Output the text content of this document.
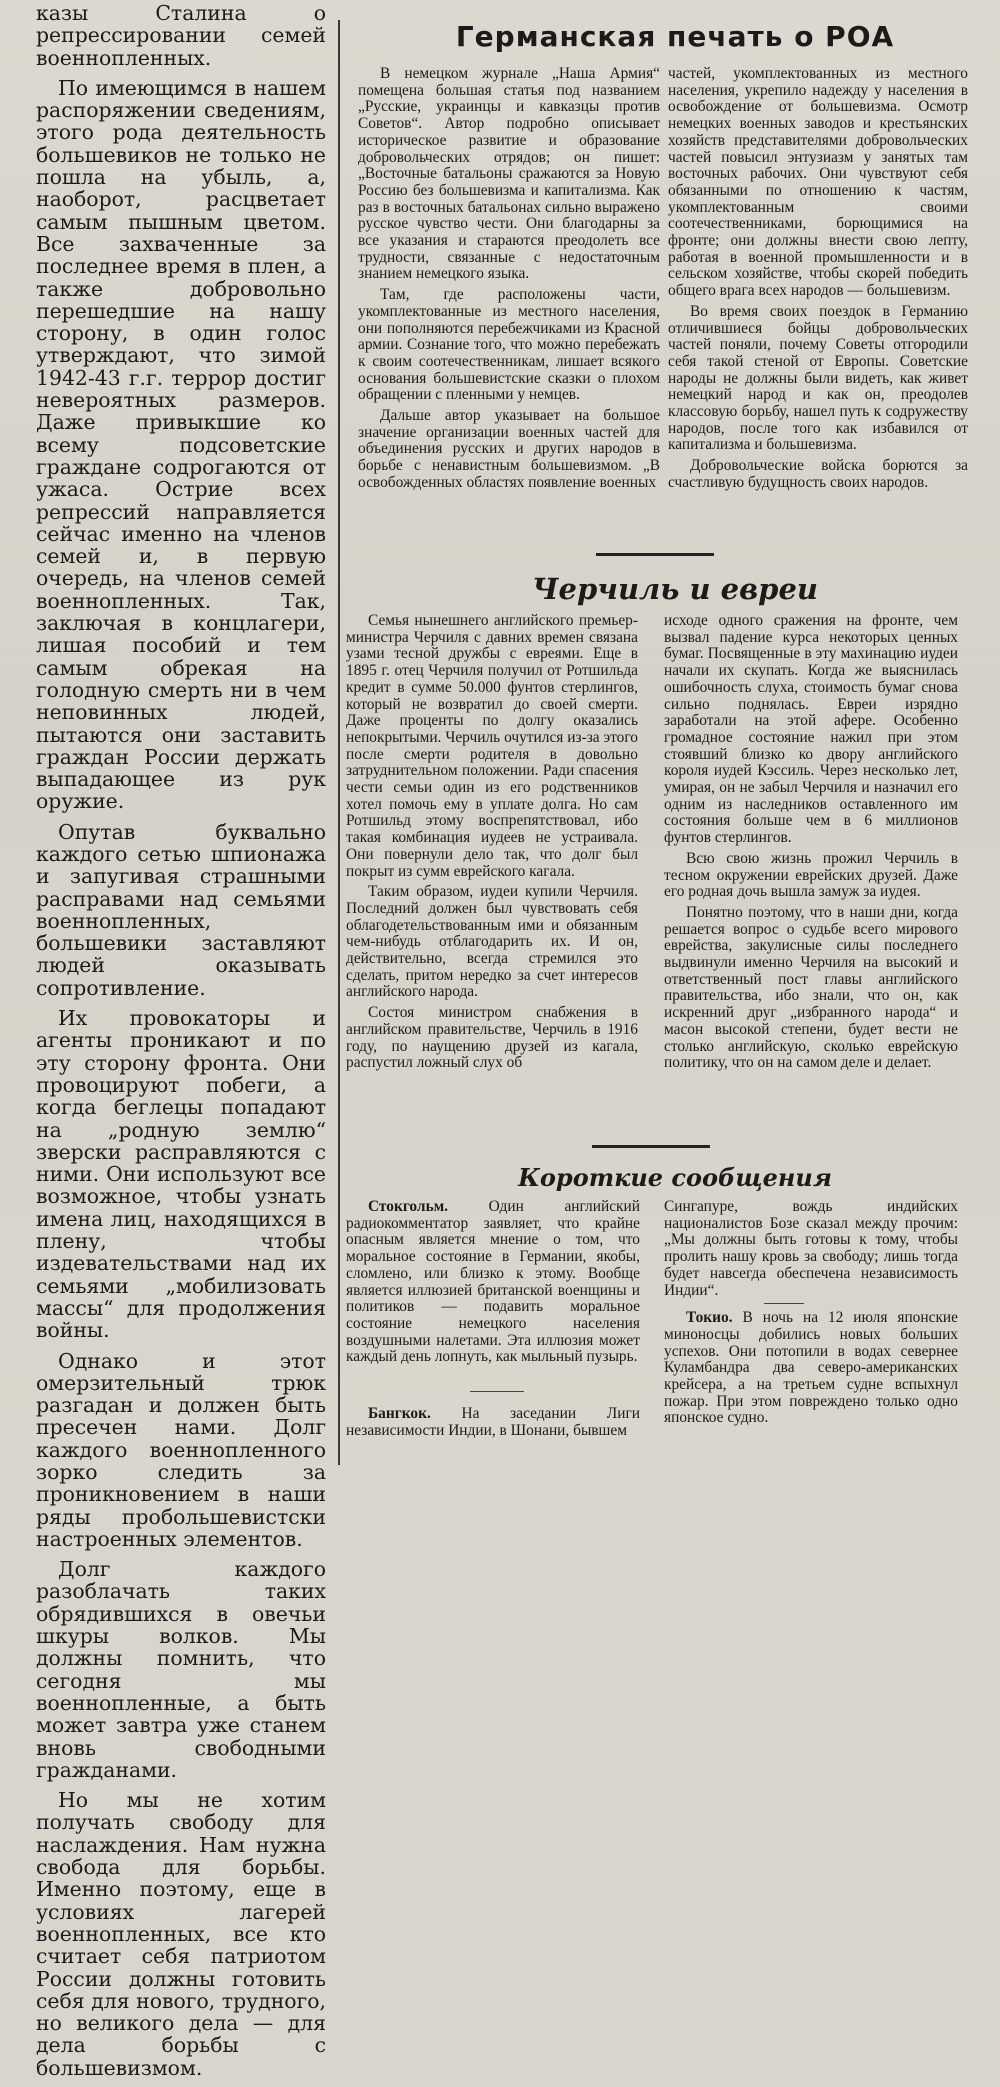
казы Сталина о репрессировании семей военнопленных.

По имеющимся в нашем распоряжении сведениям, этого рода деятельность большевиков не только не пошла на убыль, а, наоборот, расцветает самым пышным цветом. Все захваченные за последнее время в плен, а также добровольно перешедшие на нашу сторону, в один голос утверждают, что зимой 1942-43 г.г. террор достиг невероятных размеров. Даже привыкшие ко всему подсоветские граждане содрогаются от ужаса. Острие всех репрессий направляется сейчас именно на членов семей и, в первую очередь, на членов семей военнопленных. Так, заключая в концлагери, лишая пособий и тем самым обрекая на голодную смерть ни в чем неповинных людей, пытаются они заставить граждан России держать выпадающее из рук оружие.

Опутав буквально каждого сетью шпионажа и запугивая страшными расправами над семьями военнопленных, большевики заставляют людей оказывать сопротивление.

Их провокаторы и агенты проникают и по эту сторону фронта. Они провоцируют побеги, а когда беглецы попадают на „родную землю“ зверски расправляются с ними. Они используют все возможное, чтобы узнать имена лиц, находящихся в плену, чтобы издевательствами над их семьями „мобилизовать массы“ для продолжения войны.

Однако и этот омерзительный трюк разгадан и должен быть пресечен нами. Долг каждого военнопленного зорко следить за проникновением в наши ряды пробольшевистски настроенных элементов.

Долг каждого разоблачать таких обрядившихся в овечьи шкуры волков. Мы должны помнить, что сегодня мы военнопленные, а быть может завтра уже станем вновь свободными гражданами.

Но мы не хотим получать свободу для наслаждения. Нам нужна свобода для борьбы. Именно поэтому, еще в условиях лагерей военнопленных, все кто считает себя патриотом России должны готовить себя для нового, трудного, но великого дела — для дела борьбы с большевизмом.

Германская печать о РОА

В немецком журнале „Наша Армия“ помещена большая статья под названием „Русские, украинцы и кавказцы против Советов“. Автор подробно описывает историческое развитие и образование добровольческих отрядов; он пишет: „Восточные батальоны сражаются за Новую Россию без большевизма и капитализма. Как раз в восточных батальонах сильно выражено русское чувство чести. Они благодарны за все указания и стараются преодолеть все трудности, связанные с недостаточным знанием немецкого языка.

Там, где расположены части, укомплектованные из местного населения, они пополняются перебежчиками из Красной армии. Сознание того, что можно перебежать к своим соотечественникам, лишает всякого основания большевистские сказки о плохом обращении с пленными у немцев.

Дальше автор указывает на большое значение организации военных частей для объединения русских и других народов в борьбе с ненавистным большевизмом. „В освобожденных областях появление военных

частей, укомплектованных из местного населения, укрепило надежду у населения в освобождение от большевизма. Осмотр немецких военных заводов и крестьянских хозяйств представителями добровольческих частей повысил энтузиазм у занятых там восточных рабочих. Они чувствуют себя обязанными по отношению к частям, укомплектованным своими соотечественниками, борющимися на фронте; они должны внести свою лепту, работая в военной промышленности и в сельском хозяйстве, чтобы скорей победить общего врага всех народов — большевизм.

Во время своих поездок в Германию отличившиеся бойцы добровольческих частей поняли, почему Советы отгородили себя такой стеной от Европы. Советские народы не должны были видеть, как живет немецкий народ и как он, преодолев классовую борьбу, нашел путь к содружеству народов, после того как избавился от капитализма и большевизма.

Добровольческие войска борются за счастливую будущность своих народов.

Черчиль и евреи

Семья нынешнего английского премьер-министра Черчиля с давних времен связана узами тесной дружбы с евреями. Еще в 1895 г. отец Черчиля получил от Ротшильда кредит в сумме 50.000 фунтов стерлингов, который не возвратил до своей смерти. Даже проценты по долгу оказались непокрытыми. Черчиль очутился из-за этого после смерти родителя в довольно затруднительном положении. Ради спасения чести семьи один из его родственников хотел помочь ему в уплате долга. Но сам Ротшильд этому воспрепятствовал, ибо такая комбинация иудеев не устраивала. Они повернули дело так, что долг был покрыт из сумм еврейского кагала.

Таким образом, иудеи купили Черчиля. Последний должен был чувствовать себя облагодетельствованным ими и обязанным чем-нибудь отблагодарить их. И он, действительно, всегда стремился это сделать, притом нередко за счет интересов английского народа.

Состоя министром снабжения в английском правительстве, Черчиль в 1916 году, по наущению друзей из кагала, распустил ложный слух об

исходе одного сражения на фронте, чем вызвал падение курса некоторых ценных бумаг. Посвященные в эту махинацию иудеи начали их скупать. Когда же выяснилась ошибочность слуха, стоимость бумаг снова сильно поднялась. Евреи изрядно заработали на этой афере. Особенно громадное состояние нажил при этом стоявший близко ко двору английского короля иудей Кэссиль. Через несколько лет, умирая, он не забыл Черчиля и назначил его одним из наследников оставленного им состояния больше чем в 6 миллионов фунтов стерлингов.

Всю свою жизнь прожил Черчиль в тесном окружении еврейских друзей. Даже его родная дочь вышла замуж за иудея.

Понятно поэтому, что в наши дни, когда решается вопрос о судьбе всего мирового еврейства, закулисные силы последнего выдвинули именно Черчиля на высокий и ответственный пост главы английского правительства, ибо знали, что он, как искренний друг „избранного народа“ и масон высокой степени, будет вести не столько английскую, сколько еврейскую политику, что он на самом деле и делает.

Короткие сообщения

Стокгольм.	Один английский радиокомментатор заявляет, что крайне опасным является мнение о том, что моральное состояние в Германии, якобы, сломлено, или близко к этому. Вообще является иллюзией британской военщины и политиков — подавить моральное состояние немецкого населения воздушными налетами. Эта иллюзия может каждый день лопнуть, как мыльный пузырь.

Бангкок. На заседании Лиги независимости Индии, в Шонани, бывшем

Сингапуре, вождь индийских националистов Бозе сказал между прочим: „Мы должны быть готовы к тому, чтобы пролить нашу кровь за свободу; лишь тогда будет навсегда обеспечена независимость Индии“.

Токио. В ночь на 12 июля японские миноносцы добились новых больших успехов. Они потопили в водах севернее Куламбандра два северо-американских крейсера, а на третьем судне вспыхнул пожар. При этом повреждено только одно японское судно.
